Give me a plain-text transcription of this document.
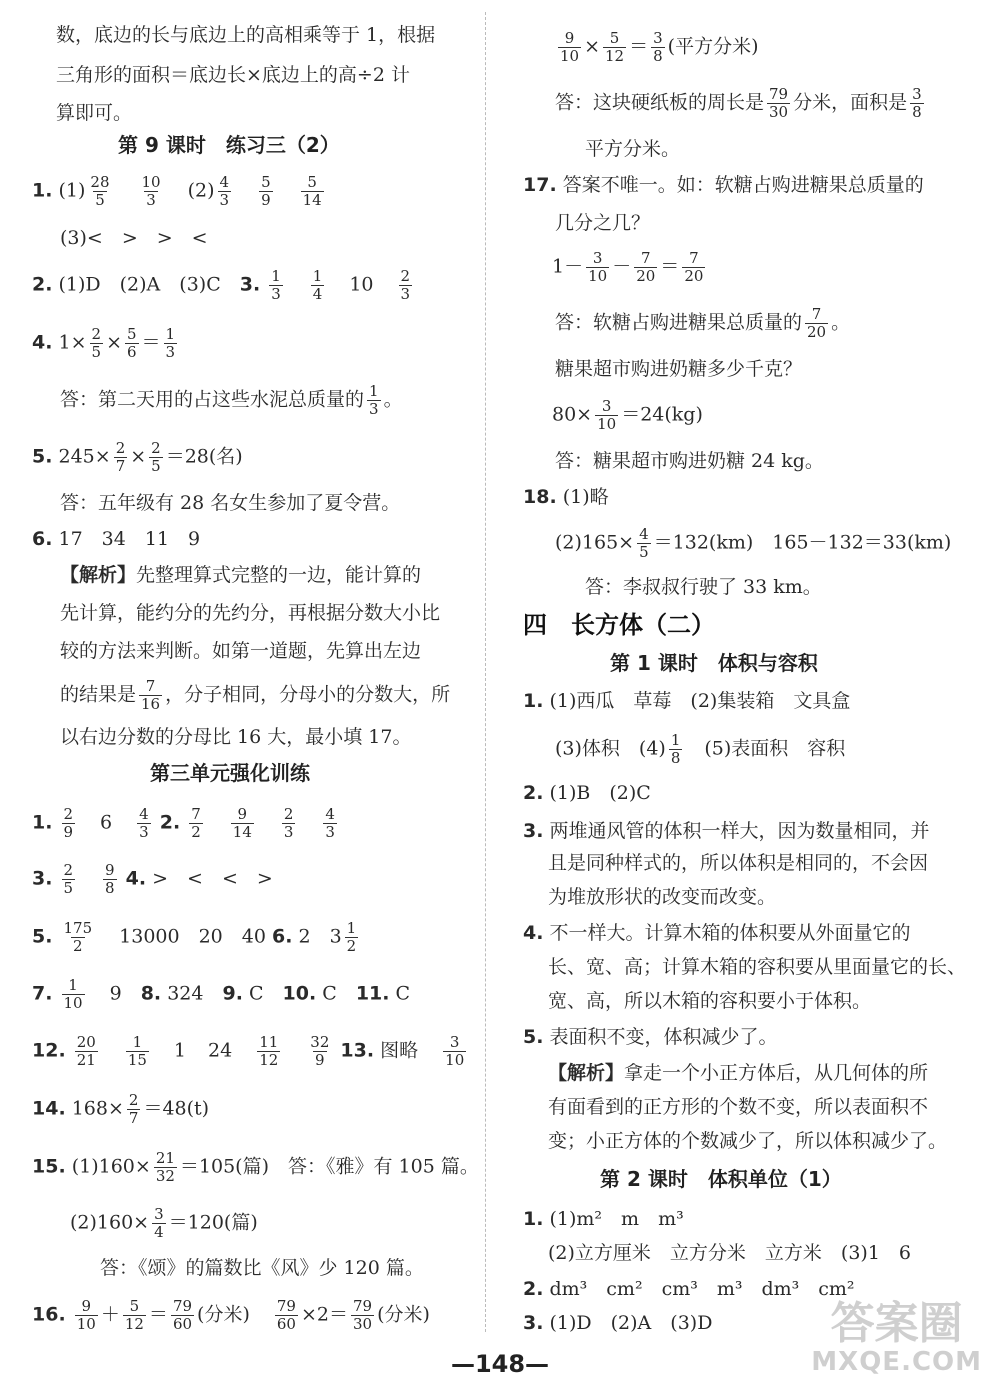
数，底边的长与底边上的高相乘等于 1，根据
三角形的面积＝底边长×底边上的高÷2 计
算即可。
第 9 课时　练习三（2）
1. $(1) \frac{28}{5} \frac{10}{3} (2) \frac{4}{3} \frac{5}{9} \frac{5}{14}$
(3)<　>　>　<
2. (1)D　(2)A　(3)C　 3. $\frac{1}{3} \frac{1}{4} 10 \frac{2}{3}$
4. $1\times \frac{2}{5} \times \frac{5}{6} = \frac{1}{3}$
答：第二天用的占这些水泥总质量的 $\frac{1}{3}$ 。
5. $245\times \frac{2}{7} \times \frac{2}{5} =28$(名)
答：五年级有 28 名女生参加了夏令营。
6. 17　34　11　9
【解析】先整理算式完整的一边，能计算的
先计算，能约分的先约分，再根据分数大小比
较的方法来判断。如第一道题，先算出左边
的结果是 $\frac{7}{16}$ ，分子相同，分母小的分数大，所
以右边分数的分母比 16 大，最小填 17。
第三单元强化训练
1. $\frac{2}{9} 6 \frac{4}{3} 2$. $\frac{7}{2} \frac{9}{14} \frac{2}{3} \frac{4}{3}$
3. $\frac{2}{5} \frac{9}{8} 4$. >　<　<　>
5. $\frac{175}{2} 13000$　20　40 6. 2　$3 \frac{1}{2}$
7. $\frac{1}{10} 9$　 8. 324　 9. C　 10. C　 11. C
12. $\frac{20}{21} \frac{1}{15} 1$ $24 \frac{11}{12} \frac{32}{9} 13$. 图略 $\frac{3}{10}$
14. $168\times \frac{2}{7} =48(t)$
15. $(1)160\times \frac{21}{32} =105$(篇)　答：《雅》有 105 篇。
$(2)160\times \frac{3}{4} =120$(篇)
答：《颂》的篇数比《风》少 120 篇。
16. $\frac{9}{10} + \frac{5}{12} = \frac{79}{60}$ (分米) $\frac{79}{60} \times 2= \frac{79}{30}$ (分米)
$\frac{9}{10} \times \frac{5}{12} = \frac{3}{8}$ (平方分米)
答：这块硬纸板的周长是 $\frac{79}{30}$ 分米，面积是 $\frac{3}{8}$
平方分米。
17. 答案不唯一。如：软糖占购进糖果总质量的
几分之几？
$1- \frac{3}{10} - \frac{7}{20} = \frac{7}{20}$
答：软糖占购进糖果总质量的 $\frac{7}{20}$ 。
糖果超市购进奶糖多少千克？
$80\times \frac{3}{10} =24(kg)$
答：糖果超市购进奶糖 24 kg。
18. (1)略
$(2)165\times \frac{4}{5} =132(km)$　165－132＝33(km)
答：李叔叔行驶了 33 km。
四　长方体（二）
第 1 课时　体积与容积
1. (1)西瓜　草莓　(2)集装箱　文具盒
(3)体积　$(4) \frac{1}{8}$ 　(5)表面积　容积
2. (1)B　(2)C
3. 两堆通风管的体积一样大，因为数量相同，并
且是同种样式的，所以体积是相同的，不会因
为堆放形状的改变而改变。
4. 不一样大。计算木箱的体积要从外面量它的
长、宽、高；计算木箱的容积要从里面量它的长、
宽、高，所以木箱的容积要小于体积。
5. 表面积不变，体积减少了。
【解析】拿走一个小正方体后，从几何体的所
有面看到的正方形的个数不变，所以表面积不
变；小正方体的个数减少了，所以体积减少了。
第 2 课时　体积单位（1）
1. (1)m²　m　m³
(2)立方厘米　立方分米　立方米　(3)1　6
2. dm³　cm²　cm³　m³　dm³　cm²
3. (1)D　(2)A　(3)D
—148—
答案圈
MXQE.COM
